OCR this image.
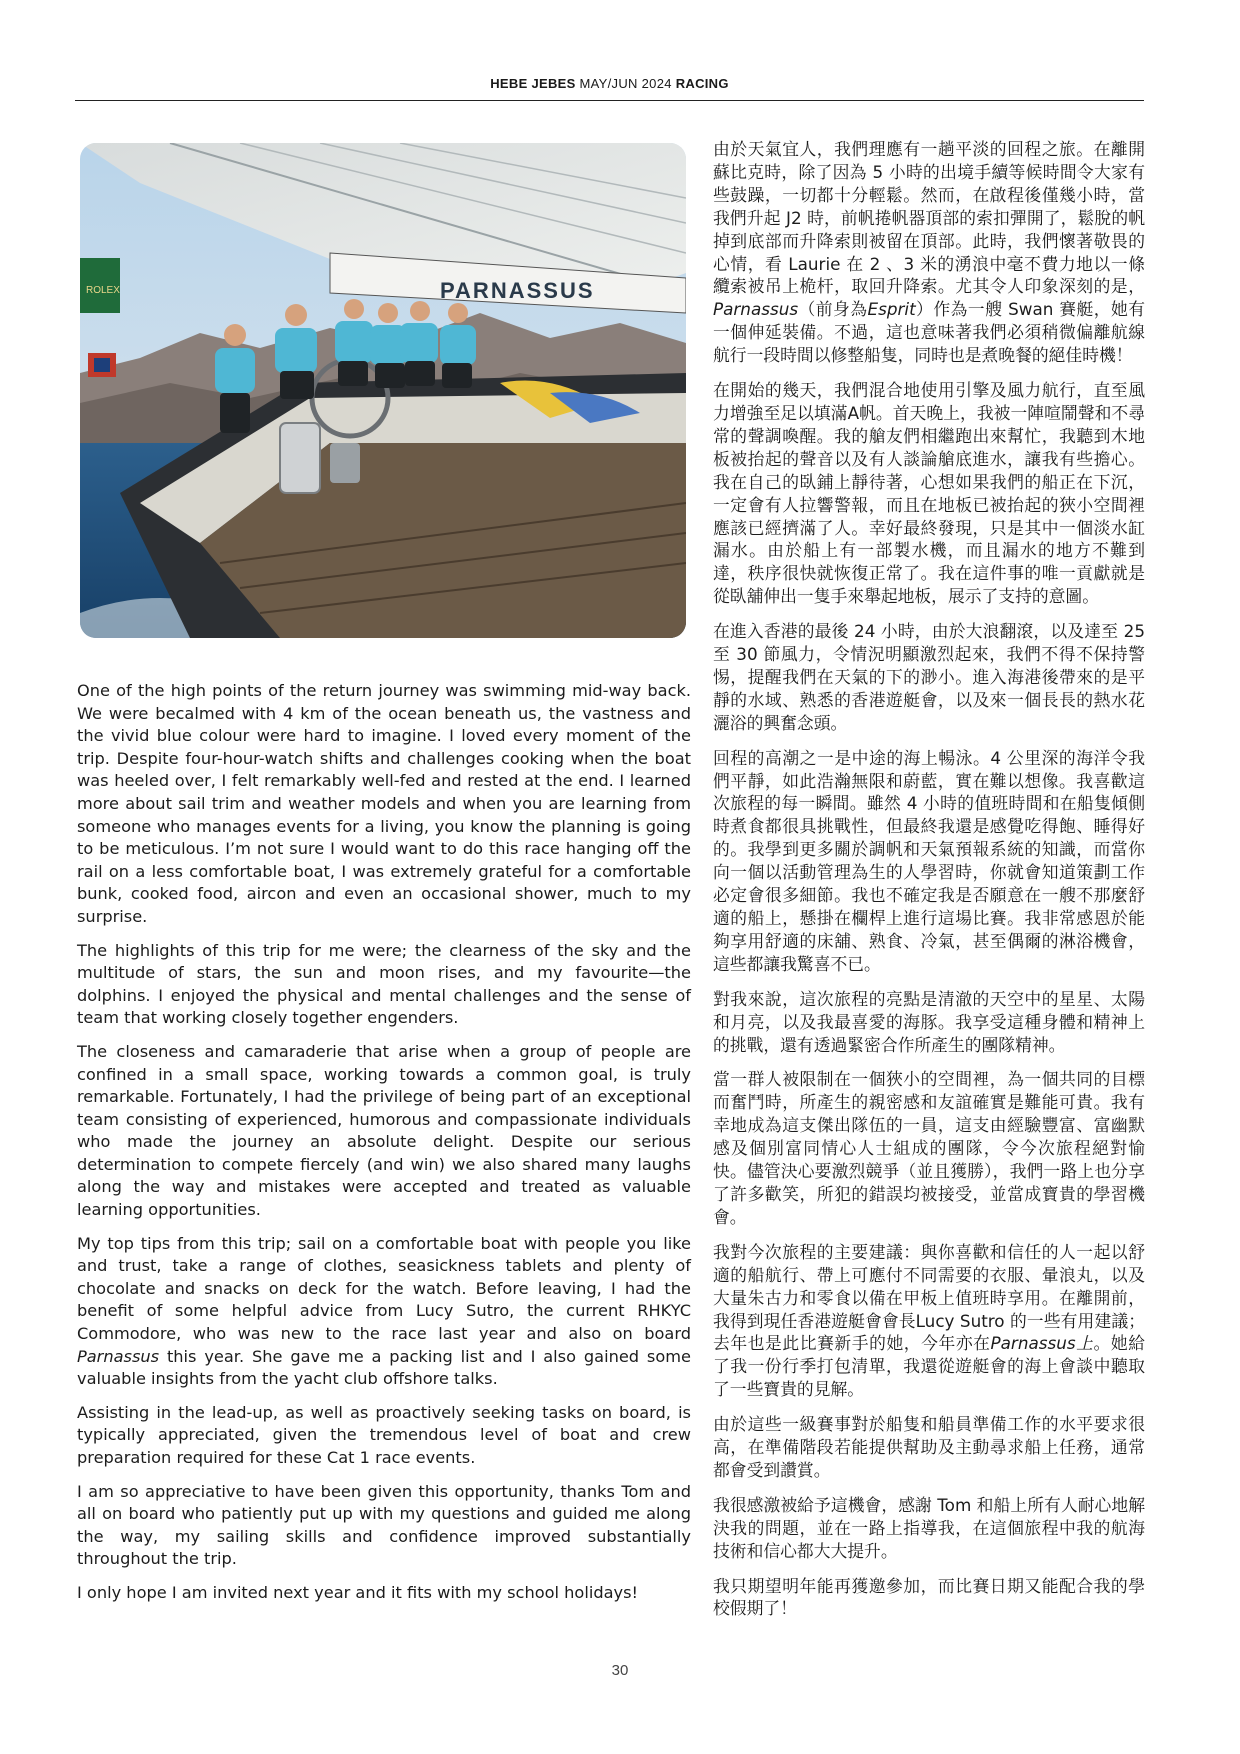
HEBE JEBES MAY/JUN 2024 RACING
PARNASSUS
ROLEX

One of the high points of the return journey was swimming mid-way back. We were becalmed with 4 km of the ocean beneath us, the vastness and the vivid blue colour were hard to imagine. I loved every moment of the trip. Despite four-hour-watch shifts and challenges cooking when the boat was heeled over, I felt remarkably well-fed and rested at the end. I learned more about sail trim and weather models and when you are learning from someone who manages events for a living, you know the planning is going to be meticulous. I’m not sure I would want to do this race hanging off the rail on a less comfortable boat, I was extremely grateful for a comfortable bunk, cooked food, aircon and even an occasional shower, much to my surprise.

The highlights of this trip for me were; the clearness of the sky and the multitude of stars, the sun and moon rises, and my favourite—the dolphins. I enjoyed the physical and mental challenges and the sense of team that working closely together engenders.

The closeness and camaraderie that arise when a group of people are confined in a small space, working towards a common goal, is truly remarkable. Fortunately, I had the privilege of being part of an exceptional team consisting of experienced, humorous and compassionate individuals who made the journey an absolute delight. Despite our serious determination to compete fiercely (and win) we also shared many laughs along the way and mistakes were accepted and treated as valuable learning opportunities.

My top tips from this trip; sail on a comfortable boat with people you like and trust, take a range of clothes, seasickness tablets and plenty of chocolate and snacks on deck for the watch. Before leaving, I had the benefit of some helpful advice from Lucy Sutro, the current RHKYC Commodore, who was new to the race last year and also on board Parnassus this year. She gave me a packing list and I also gained some valuable insights from the yacht club offshore talks.

Assisting in the lead-up, as well as proactively seeking tasks on board, is typically appreciated, given the tremendous level of boat and crew preparation required for these Cat 1 race events.

I am so appreciative to have been given this opportunity, thanks Tom and all on board who patiently put up with my questions and guided me along the way, my sailing skills and confidence improved substantially throughout the trip.

I only hope I am invited next year and it fits with my school holidays!

由於天氣宜人，我們理應有一趟平淡的回程之旅。在離開蘇比克時，除了因為 5 小時的出境手續等候時間令大家有些鼓躁，一切都十分輕鬆。然而，在啟程後僅幾小時，當我們升起 J2 時，前帆捲帆器頂部的索扣彈開了，鬆脫的帆掉到底部而升降索則被留在頂部。此時，我們懷著敬畏的心情，看 Laurie 在 2 、3 米的湧浪中毫不費力地以一條纜索被吊上桅杆，取回升降索。尤其令人印象深刻的是，Parnassus（前身為Esprit）作為一艘 Swan 賽艇，她有一個伸延裝備。不過，這也意味著我們必須稍微偏離航線航行一段時間以修整船隻，同時也是煮晚餐的絕佳時機！

在開始的幾天，我們混合地使用引擎及風力航行，直至風力增強至足以填滿A帆。首天晚上，我被一陣喧鬧聲和不尋常的聲調喚醒。我的艙友們相繼跑出來幫忙，我聽到木地板被抬起的聲音以及有人談論艙底進水，讓我有些擔心。我在自己的臥鋪上靜待著，心想如果我們的船正在下沉，一定會有人拉響警報，而且在地板已被抬起的狹小空間裡應該已經擠滿了人。幸好最終發現，只是其中一個淡水缸漏水。由於船上有一部製水機，而且漏水的地方不難到達，秩序很快就恢復正常了。我在這件事的唯一貢獻就是從臥舖伸出一隻手來舉起地板，展示了支持的意圖。

在進入香港的最後 24 小時，由於大浪翻滾，以及達至 25 至 30 節風力，令情況明顯激烈起來，我們不得不保持警惕，提醒我們在天氣的下的渺小。進入海港後帶來的是平靜的水域、熟悉的香港遊艇會，以及來一個長長的熱水花灑浴的興奮念頭。

回程的高潮之一是中途的海上暢泳。4 公里深的海洋令我們平靜，如此浩瀚無限和蔚藍，實在難以想像。我喜歡這次旅程的每一瞬間。雖然 4 小時的值班時間和在船隻傾側時煮食都很具挑戰性，但最終我還是感覺吃得飽、睡得好的。我學到更多關於調帆和天氣預報系統的知識，而當你向一個以活動管理為生的人學習時，你就會知道策劃工作必定會很多細節。我也不確定我是否願意在一艘不那麼舒適的船上，懸掛在欄桿上進行這場比賽。我非常感恩於能夠享用舒適的床舖、熟食、冷氣，甚至偶爾的淋浴機會，這些都讓我驚喜不已。

對我來說，這次旅程的亮點是清澈的天空中的星星、太陽和月亮，以及我最喜愛的海豚。我享受這種身體和精神上的挑戰，還有透過緊密合作所產生的團隊精神。

當一群人被限制在一個狹小的空間裡，為一個共同的目標而奮鬥時，所產生的親密感和友誼確實是難能可貴。我有幸地成為這支傑出隊伍的一員，這支由經驗豐富、富幽默感及個別富同情心人士組成的團隊，令今次旅程絕對愉快。儘管決心要激烈競爭（並且獲勝），我們一路上也分享了許多歡笑，所犯的錯誤均被接受，並當成寶貴的學習機會。

我對今次旅程的主要建議：與你喜歡和信任的人一起以舒適的船航行、帶上可應付不同需要的衣服、暈浪丸，以及大量朱古力和零食以備在甲板上值班時享用。在離開前，我得到現任香港遊艇會會長Lucy Sutro 的一些有用建議；去年也是此比賽新手的她，今年亦在Parnassus上。她給了我一份行季打包清單，我還從遊艇會的海上會談中聽取了一些寶貴的見解。

由於這些一級賽事對於船隻和船員準備工作的水平要求很高，在準備階段若能提供幫助及主動尋求船上任務，通常都會受到讚賞。

我很感激被給予這機會，感謝 Tom 和船上所有人耐心地解決我的問題，並在一路上指導我，在這個旅程中我的航海技術和信心都大大提升。

我只期望明年能再獲邀參加，而比賽日期又能配合我的學校假期了！

30
